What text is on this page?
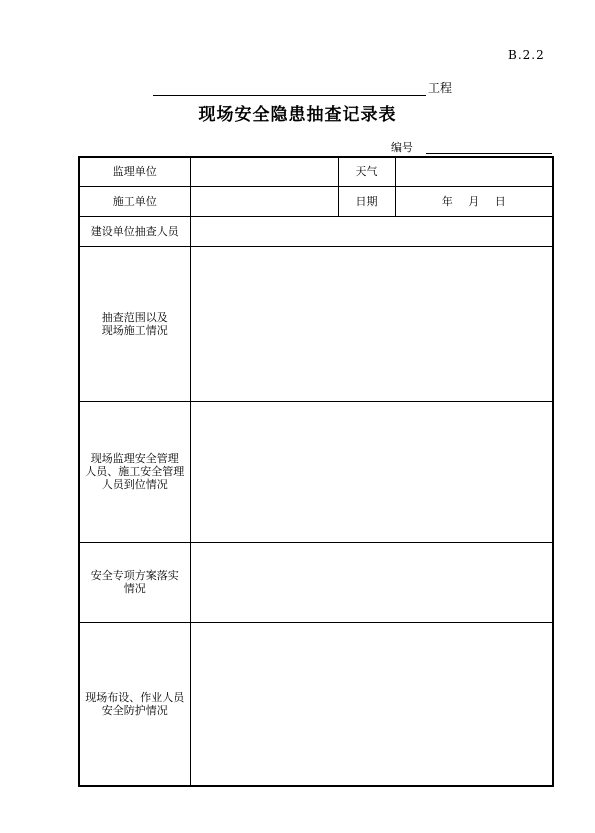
B.2.2
工程
现场安全隐患抽查记录表
编号
监理单位		天气	
施工单位		日期	年 月 日
建设单位抽查人员			

抽查范围以及
现场施工情况			

现场监理安全管理
人员、施工安全管理
人员到位情况			

安全专项方案落实
情况			

现场布设、作业人员
安全防护情况			
